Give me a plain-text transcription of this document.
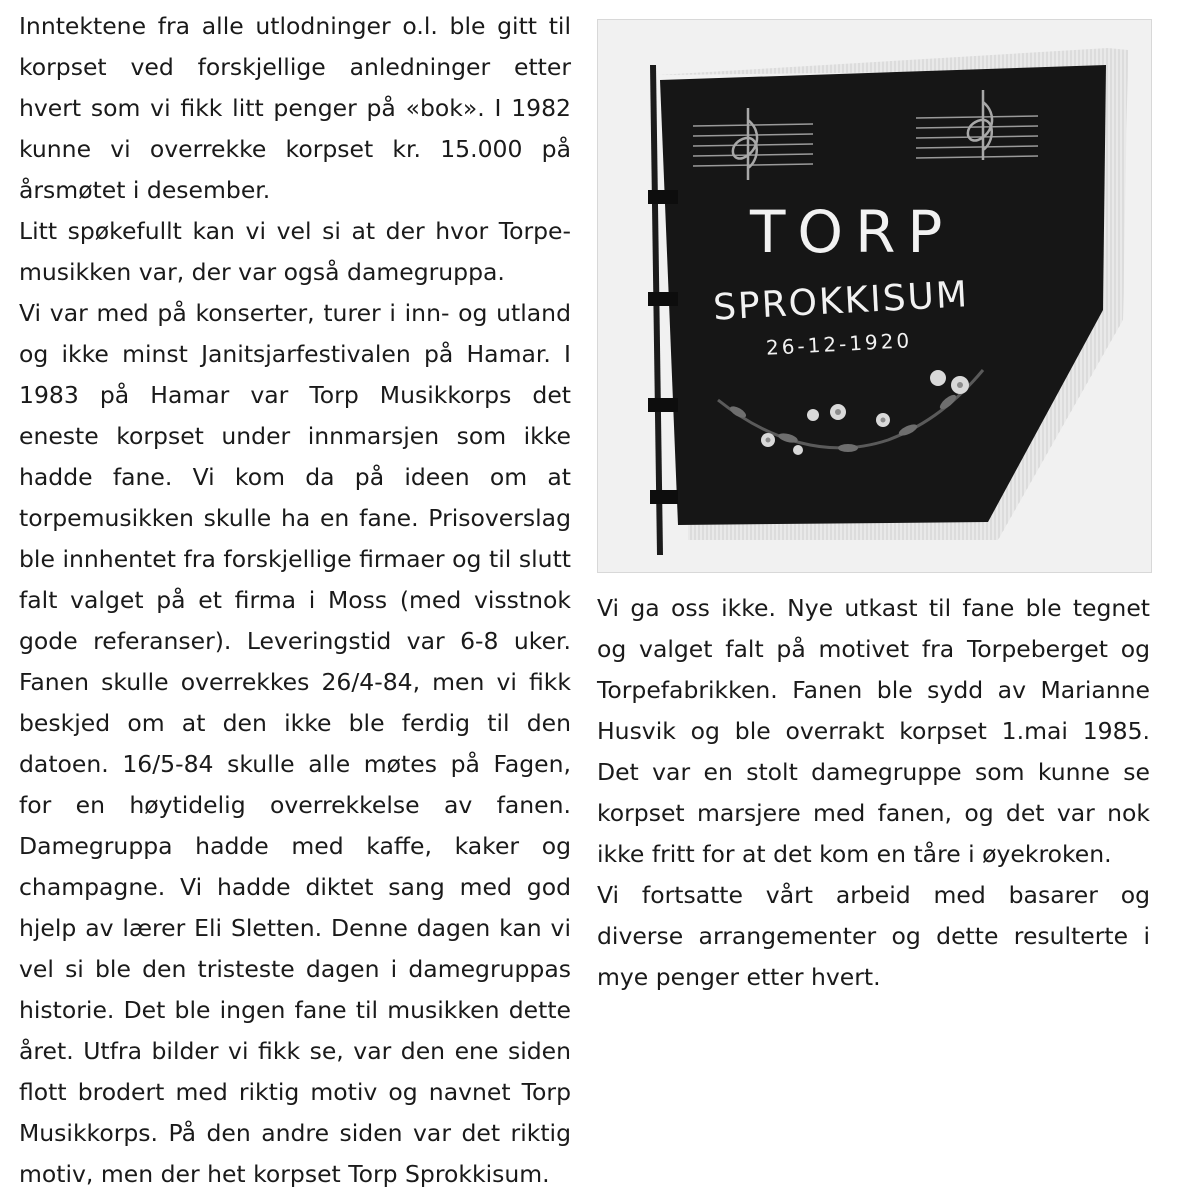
Inntektene fra alle utlodninger o.l. ble gitt til korpset ved forskjellige anledninger etter hvert som vi fikk litt penger på «bok». I 1982 kunne vi overrekke korpset kr. 15.000 på årsmøtet i desember.

Litt spøkefullt kan vi vel si at der hvor Torpemusikken var, der var også damegruppa.

Vi var med på konserter, turer i inn- og utland og ikke minst Janitsjarfestivalen på Hamar. I 1983 på Hamar var Torp Musikkorps det eneste korpset under innmarsjen som ikke hadde fane. Vi kom da på ideen om at torpemusikken skulle ha en fane. Prisoverslag ble innhentet fra forskjellige firmaer og til slutt falt valget på et firma i Moss (med visstnok gode referanser). Leveringstid var 6-8 uker. Fanen skulle overrekkes 26/4-84, men vi fikk beskjed om at den ikke ble ferdig til den datoen. 16/5-84 skulle alle møtes på Fagen, for en høytidelig overrekkelse av fanen. Damegruppa hadde med kaffe, kaker og champagne. Vi hadde diktet sang med god hjelp av lærer Eli Sletten. Denne dagen kan vi vel si ble den tristeste dagen i damegruppas historie. Det ble ingen fane til musikken dette året. Utfra bilder vi fikk se, var den ene siden flott brodert med riktig motiv og navnet Torp Musikkorps. På den andre siden var det riktig motiv, men der het korpset Torp Sprokkisum.

TORP
SPROKKISUM
26-12-1920

Vi ga oss ikke. Nye utkast til fane ble tegnet og valget falt på motivet fra Torpeberget og Torpefabrikken. Fanen ble sydd av Marianne Husvik og ble overrakt korpset 1.mai 1985. Det var en stolt damegruppe som kunne se korpset marsjere med fanen, og det var nok ikke fritt for at det kom en tåre i øyekroken.

Vi fortsatte vårt arbeid med basarer og diverse arrangementer og dette resulterte i mye penger etter hvert.
